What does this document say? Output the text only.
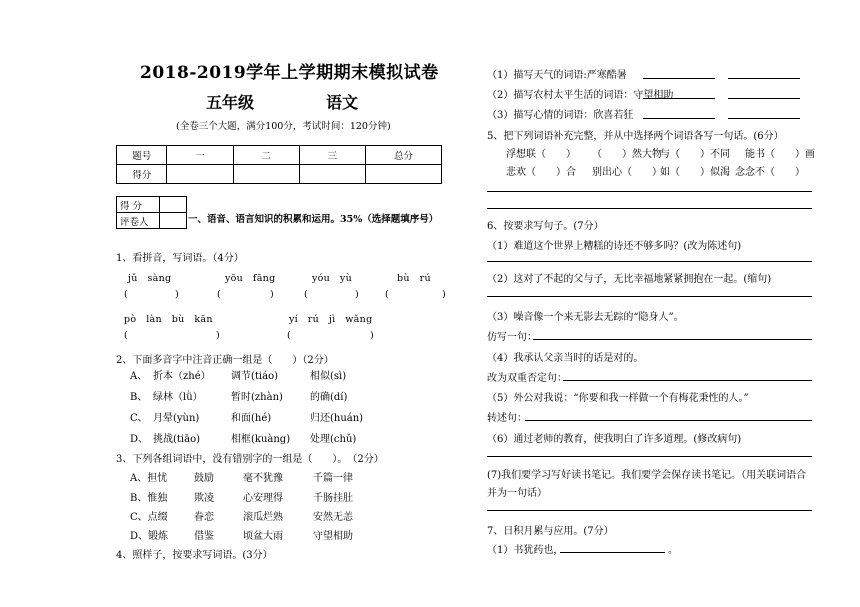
2018-2019学年上学期期末模拟试卷
五年级	语文
(全卷三个大题，满分100分，考试时间：120分钟)
题号	一	二	三	总分
得分				
得 分	
评卷人		一、语音、语言知识的积累和运用。35%（选择题填序号）
1、看拼音，写词语。（4分）
jǔ　sàng	yōu　fāng	yóu　yù	bù　rú
(	)	(	)	(	)	(	)
pò　làn　bù　kān	yí　rú　jì　wǎng
(	)	(	)
2、下面多音字中注音正确一组是（　　）（2分）
A、 折本（zhé） 调节(tiáo)	相似(sì)
B、 绿林（lǜ）	暂时(zhàn)	的确(dí)
C、 月晕(yùn)	和面(hé)	归还(huán)
D、 挑战(tiāo)	相框(kuàng) 处理(chǔ)
3、下列各组词语中，没有错别字的一组是（　　）。　（2分）
A、担忧	鼓励	毫不犹豫	千篇一律
B、惟独	欺凌	心安理得	千肠挂肚
C、点缀	眷恋	滚瓜烂熟	安然无恙
D、锻炼	借鉴	顷盆大雨	守望相助
4、照样子，按要求写词语。(3分）
（1）描写天气的词语:严寒酷暑
（2）描写农村太平生活的词语：守望相助
（3）描写心情的词语：欣喜若狂
5、把下列词语补充完整，并从中选择两个词语各写一句话。(6分）
浮想联（　　） （　　）然大物
与（　　）不同 能书（　　）画
悲欢（　　）合 别出心（　　）
如（　　）似渴 念念不（　　）
6、按要求写句子。(7分）
（1）难道这个世界上糟糕的诗还不够多吗？(改为陈述句)
（2）这对了不起的父与子，无比幸福地紧紧拥抱在一起。(缩句)
（3）噪音像一个来无影去无踪的“隐身人”。
仿写一句：
（4）我承认父亲当时的话是对的。
改为双重否定句：
（5）外公对我说：“你要和我一样做一个有梅花秉性的人。”
转述句：
（6）通过老师的教育，使我明白了许多道理。(修改病句)
(7)我们要学习写好读书笔记。我们要学会保存读书笔记。（用关联词语合
并为一句话）
7、日积月累与应用。(7分）
（1）书犹药也，	。
